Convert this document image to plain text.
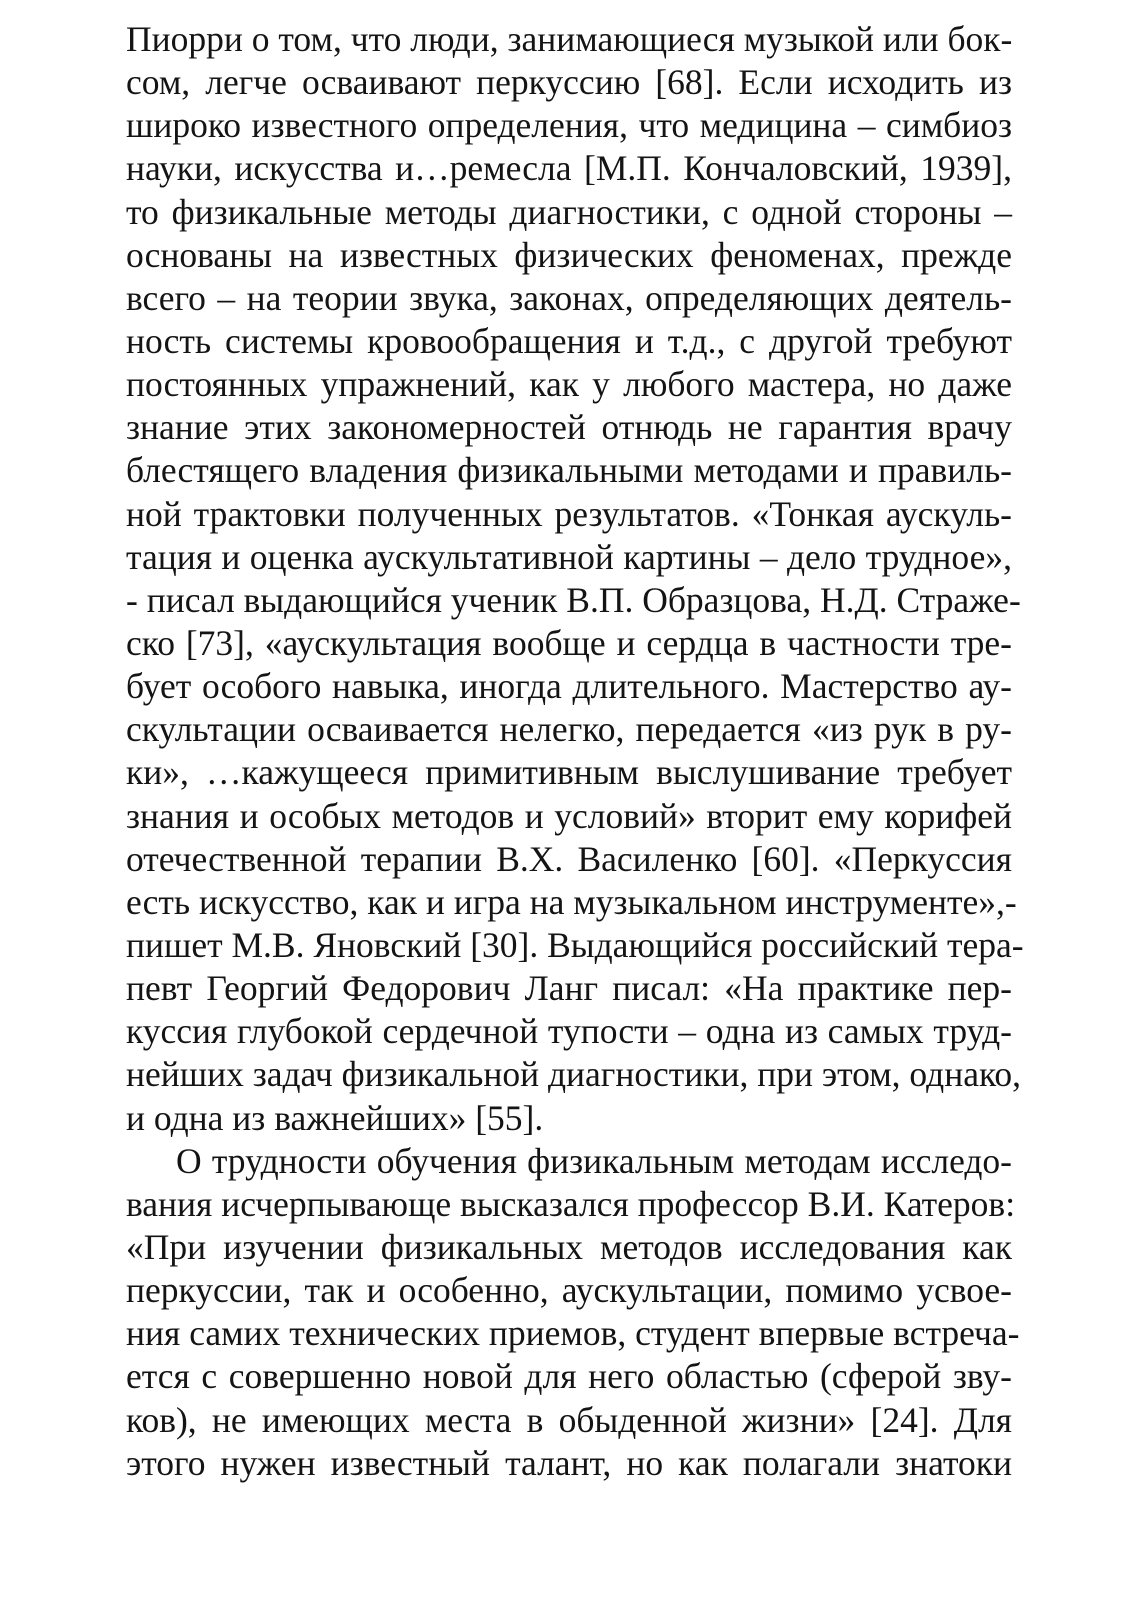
Пиорри о том, что люди, занимающиеся музыкой или бок-
сом, легче осваивают перкуссию [68]. Если исходить из
широко известного определения, что медицина – симбиоз
науки, искусства и…ремесла [М.П. Кончаловский, 1939],
то физикальные методы диагностики, с одной стороны –
основаны на известных физических феноменах, прежде
всего – на теории звука, законах, определяющих деятель-
ность системы кровообращения и т.д., с другой требуют
постоянных упражнений, как у любого мастера, но даже
знание этих закономерностей отнюдь не гарантия врачу
блестящего владения физикальными методами и правиль-
ной трактовки полученных результатов. «Тонкая аускуль-
тация и оценка аускультативной картины – дело трудное»,
- писал выдающийся ученик В.П. Образцова, Н.Д. Страже-
ско [73], «аускультация вообще и сердца в частности тре-
бует особого навыка, иногда длительного. Мастерство ау-
скультации осваивается нелегко, передается «из рук в ру-
ки», …кажущееся примитивным выслушивание требует
знания и особых методов и условий» вторит ему корифей
отечественной терапии В.Х. Василенко [60]. «Перкуссия
есть искусство, как и игра на музыкальном инструменте»,-
пишет М.В. Яновский [30]. Выдающийся российский тера-
певт Георгий Федорович Ланг писал: «На практике пер-
куссия глубокой сердечной тупости – одна из самых труд-
нейших задач физикальной диагностики, при этом, однако,
и одна из важнейших» [55].
О трудности обучения физикальным методам исследо-
вания исчерпывающе высказался профессор В.И. Катеров:
«При изучении физикальных методов исследования как
перкуссии, так и особенно, аускультации, помимо усвое-
ния самих технических приемов, студент впервые встреча-
ется с совершенно новой для него областью (сферой зву-
ков), не имеющих места в обыденной жизни» [24]. Для
этого нужен известный талант, но как полагали знатоки
